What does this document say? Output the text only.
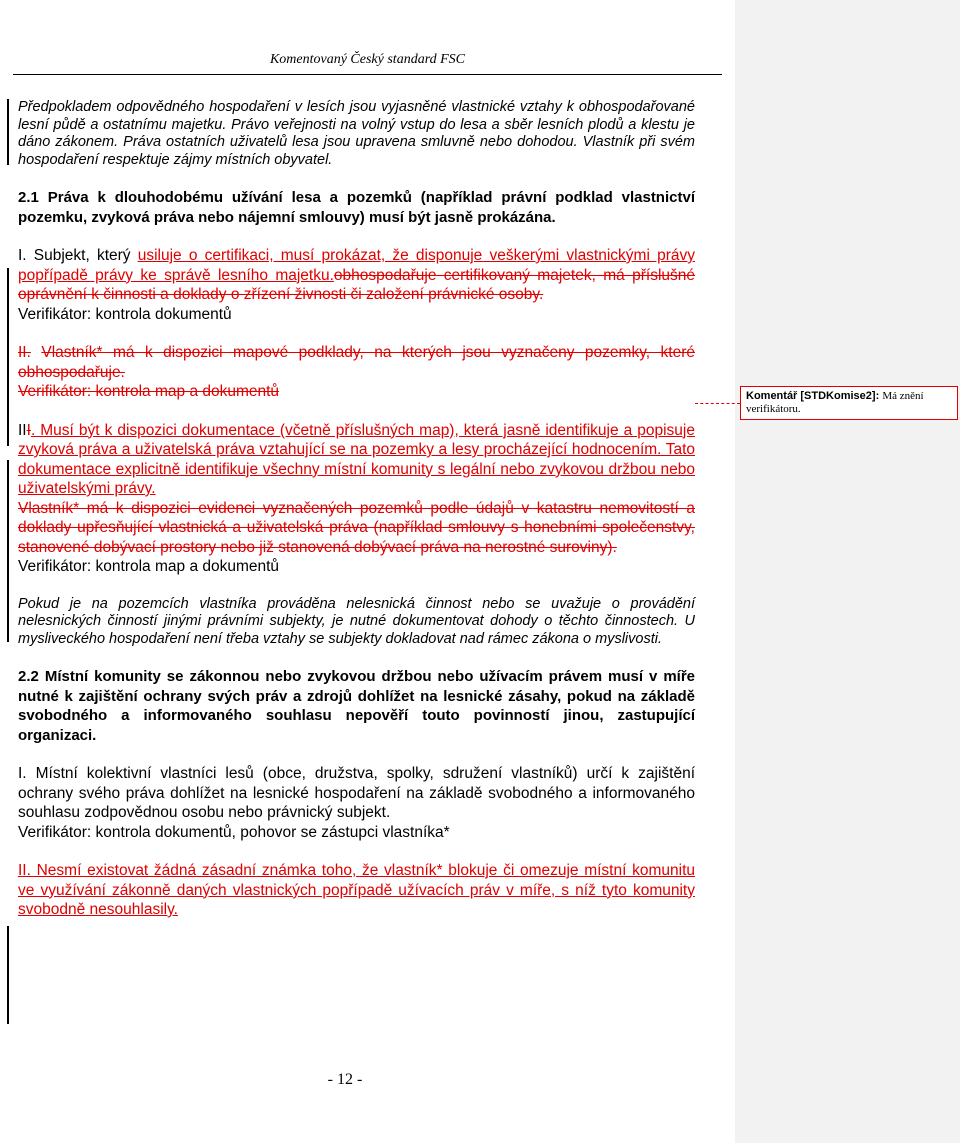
Komentovaný Český standard FSC

Předpokladem odpovědného hospodaření v lesích jsou vyjasněné vlastnické vztahy k obhospodařované lesní půdě a ostatnímu majetku. Právo veřejnosti na volný vstup do lesa a sběr lesních plodů a klestu je dáno zákonem. Práva ostatních uživatelů lesa jsou upravena smluvně nebo dohodou. Vlastník při svém hospodaření respektuje zájmy místních obyvatel.

2.1 Práva k dlouhodobému užívání lesa a pozemků (například právní podklad vlastnictví pozemku, zvyková práva nebo nájemní smlouvy) musí být jasně prokázána.

I. Subjekt, který usiluje o certifikaci, musí prokázat, že disponuje veškerými vlastnickými právy popřípadě právy ke správě lesního majetku.obhospodařuje certifikovaný majetek, má příslušné oprávnění k činnosti a doklady o zřízení živnosti či založení právnické osoby.

Verifikátor: kontrola dokumentů

II. Vlastník* má k dispozici mapové podklady, na kterých jsou vyznačeny pozemky, které obhospodařuje.

Verifikátor: kontrola map a dokumentů

III. Musí být k dispozici dokumentace (včetně příslušných map), která jasně identifikuje a popisuje zvyková práva a uživatelská práva vztahující se na pozemky a lesy procházející hodnocením. Tato dokumentace explicitně identifikuje všechny místní komunity s legální nebo zvykovou držbou nebo uživatelskými právy.

Vlastník* má k dispozici evidenci vyznačených pozemků podle údajů v katastru nemovitostí a doklady upřesňující vlastnická a uživatelská práva (například smlouvy s honebními společenstvy, stanovené dobývací prostory nebo již stanovená dobývací práva na nerostné suroviny).

Verifikátor: kontrola map a dokumentů

Pokud je na pozemcích vlastníka prováděna nelesnická činnost nebo se uvažuje o provádění nelesnických činností jinými právními subjekty, je nutné dokumentovat dohody o těchto činnostech. U mysliveckého hospodaření není třeba vztahy se subjekty dokladovat nad rámec zákona o myslivosti.

2.2 Místní komunity se zákonnou nebo zvykovou držbou nebo užívacím právem musí v míře nutné k zajištění ochrany svých práv a zdrojů dohlížet na lesnické zásahy, pokud na základě svobodného a informovaného souhlasu nepověří touto povinností jinou, zastupující organizaci.

I. Místní kolektivní vlastníci lesů (obce, družstva, spolky, sdružení vlastníků) určí k zajištění ochrany svého práva dohlížet na lesnické hospodaření na základě svobodného a informovaného souhlasu zodpovědnou osobu nebo právnický subjekt.

Verifikátor: kontrola dokumentů, pohovor se zástupci vlastníka*

II. Nesmí existovat žádná zásadní známka toho, že vlastník* blokuje či omezuje místní komunitu ve využívání zákonně daných vlastnických popřípadě užívacích práv v míře, s níž tyto komunity svobodně nesouhlasily.

Komentář [STDKomise2]: Má znění verifikátoru.
- 12 -
